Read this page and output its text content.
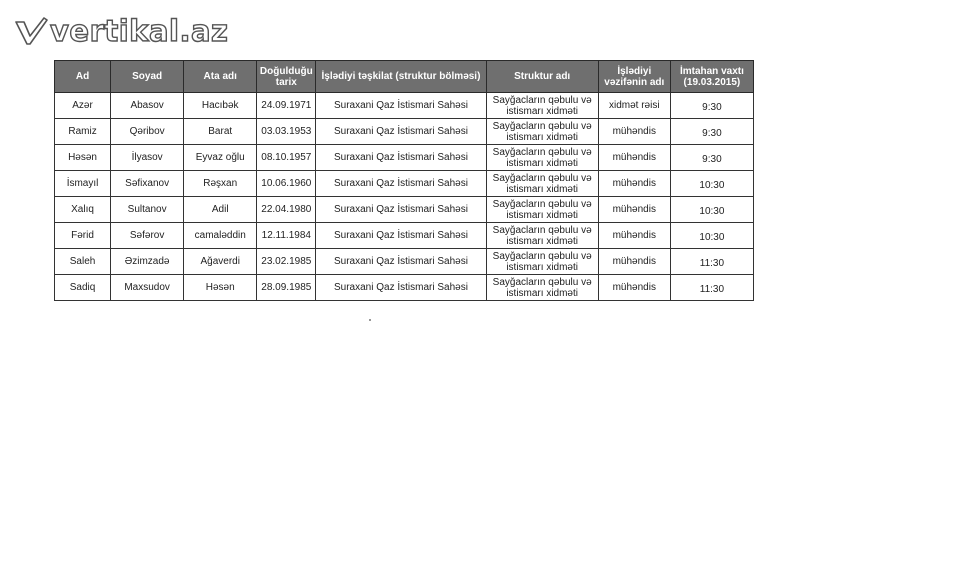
vertikal.az
Ad	Soyad	Ata adı	Doğulduğu tarix	İşlədiyi təşkilat (struktur bölməsi)	Struktur adı	İşlədiyi vəzifənin adı	İmtahan vaxtı (19.03.2015)
Azər	Abasov	Hacıbək	24.09.1971	Suraxani Qaz İstismari Sahəsi	Sayğacların qəbulu və istismarı xidməti	xidmət rəisi	9:30
Ramiz	Qəribov	Barat	03.03.1953	Suraxani Qaz İstismari Sahəsi	Sayğacların qəbulu və istismarı xidməti	mühəndis	9:30
Həsən	İlyasov	Eyvaz oğlu	08.10.1957	Suraxani Qaz İstismari Sahəsi	Sayğacların qəbulu və istismarı xidməti	mühəndis	9:30
İsmayıl	Səfixanov	Rəşxan	10.06.1960	Suraxani Qaz İstismari Sahəsi	Sayğacların qəbulu və istismarı xidməti	mühəndis	10:30
Xalıq	Sultanov	Adil	22.04.1980	Suraxani Qaz İstismari Sahəsi	Sayğacların qəbulu və istismarı xidməti	mühəndis	10:30
Fərid	Səfərov	camaləddin	12.11.1984	Suraxani Qaz İstismari Sahəsi	Sayğacların qəbulu və istismarı xidməti	mühəndis	10:30
Saleh	Əzimzadə	Ağaverdi	23.02.1985	Suraxani Qaz İstismari Sahəsi	Sayğacların qəbulu və istismarı xidməti	mühəndis	11:30
Sadiq	Maxsudov	Həsən	28.09.1985	Suraxani Qaz İstismari Sahəsi	Sayğacların qəbulu və istismarı xidməti	mühəndis	11:30
